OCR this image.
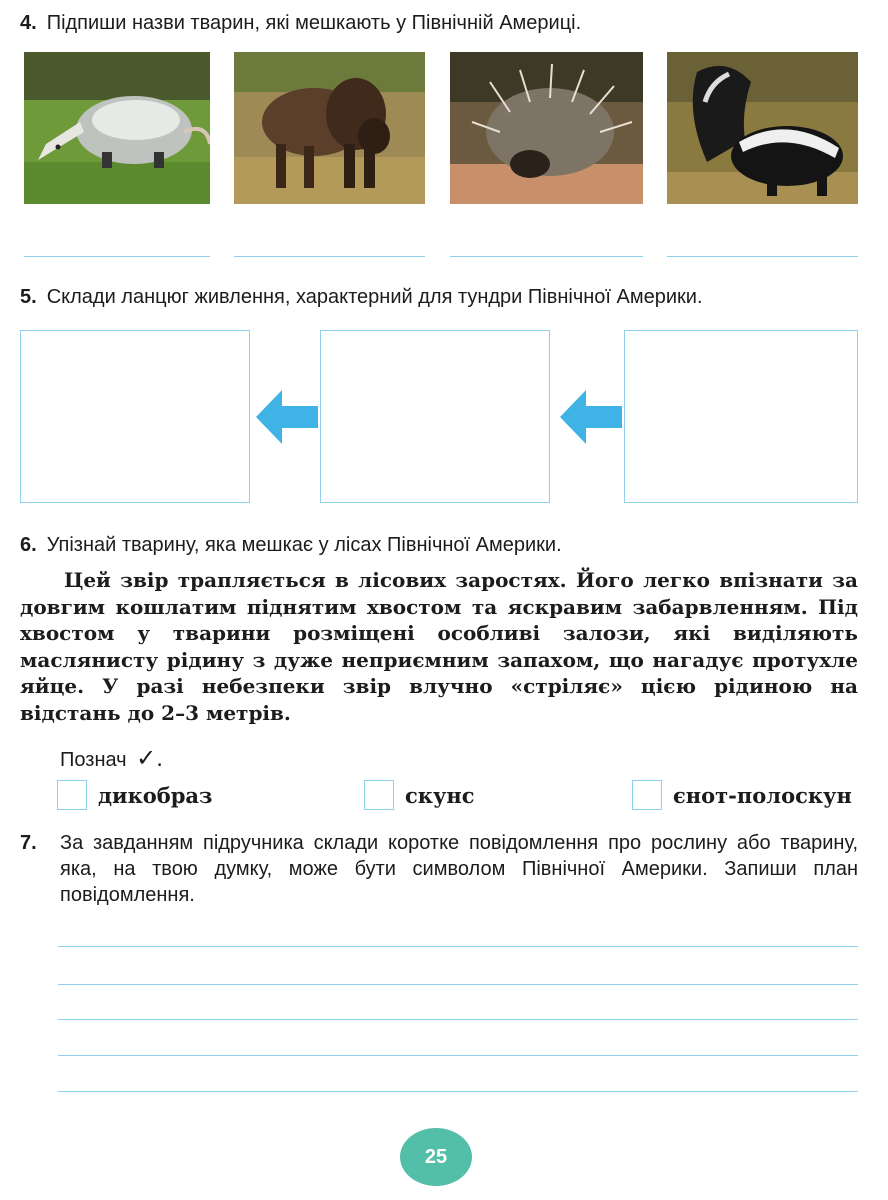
4. Підпиши назви тварин, які мешкають у Північній Америці.
5. Склади ланцюг живлення, характерний для тундри Північної Америки.
6. Упізнай тварину, яка мешкає у лісах Північної Америки.
Цей звір трапляється в лісових заростях. Його легко впізнати за довгим кошлатим піднятим хвостом та яскравим забарвленням. Під хвостом у тварини розміщені особливі залози, які виділяють маслянисту рідину з дуже неприємним запахом, що нагадує протухле яйце. У разі небезпеки звір влучно «стріляє» цією рідиною на відстань до 2–3 метрів.
Познач ✓.
дикобраз	скунс	єнот-полоскун
7. За завданням підручника склади коротке повідомлення про рослину або тварину, яка, на твою думку, може бути символом Північної Америки. Запиши план повідомлення.
25
